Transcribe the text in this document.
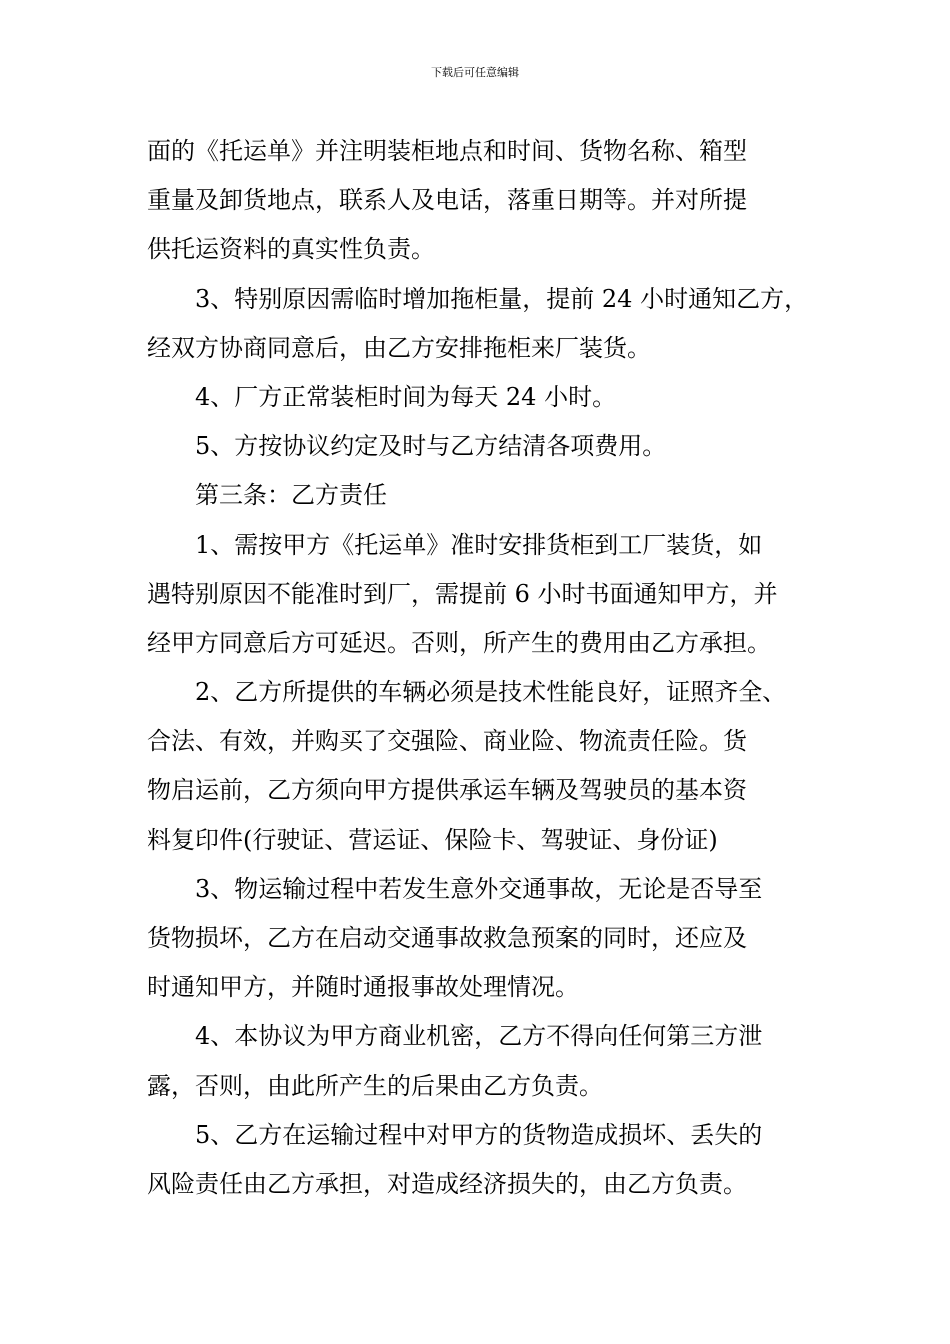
下载后可任意编辑
面的《托运单》并注明装柜地点和时间、货物名称、箱型
重量及卸货地点，联系人及电话，落重日期等。并对所提
供托运资料的真实性负责。
3、特别原因需临时增加拖柜量，提前 24 小时通知乙方，
经双方协商同意后，由乙方安排拖柜来厂装货。
4、厂方正常装柜时间为每天 24 小时。
5、方按协议约定及时与乙方结清各项费用。
第三条：乙方责任
1、需按甲方《托运单》准时安排货柜到工厂装货，如
遇特别原因不能准时到厂，需提前 6 小时书面通知甲方，并
经甲方同意后方可延迟。否则，所产生的费用由乙方承担。
2、乙方所提供的车辆必须是技术性能良好，证照齐全、
合法、有效，并购买了交强险、商业险、物流责任险。货
物启运前，乙方须向甲方提供承运车辆及驾驶员的基本资
料复印件(行驶证、营运证、保险卡、驾驶证、身份证)
3、物运输过程中若发生意外交通事故，无论是否导至
货物损坏，乙方在启动交通事故救急预案的同时，还应及
时通知甲方，并随时通报事故处理情况。
4、本协议为甲方商业机密，乙方不得向任何第三方泄
露，否则，由此所产生的后果由乙方负责。
5、乙方在运输过程中对甲方的货物造成损坏、丢失的
风险责任由乙方承担，对造成经济损失的，由乙方负责。
